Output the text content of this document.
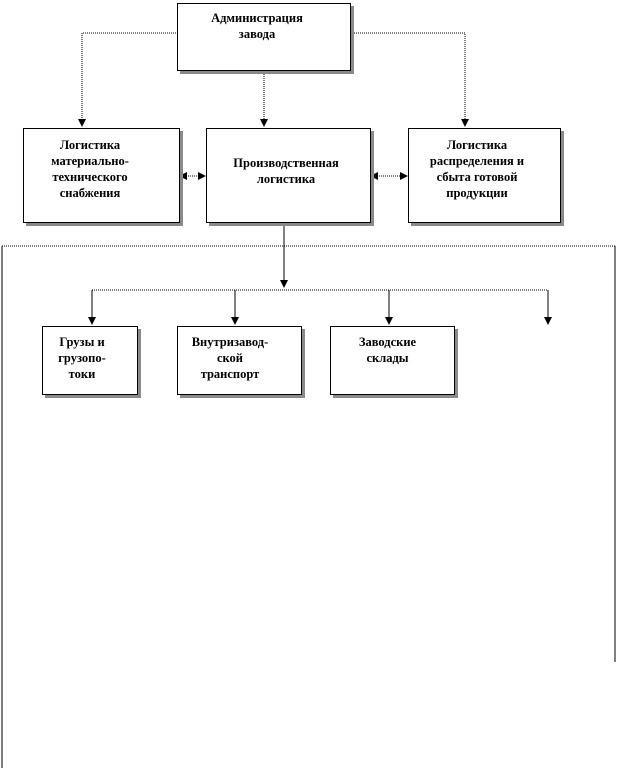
Администрация
завода
Логистика
материально-
технического
снабжения
Производственная
логистика
Логистика
распределения и
сбыта готовой
продукции
Грузы и
грузопо-
токи
Внутризавод-
ской
транспорт
Заводские
склады
